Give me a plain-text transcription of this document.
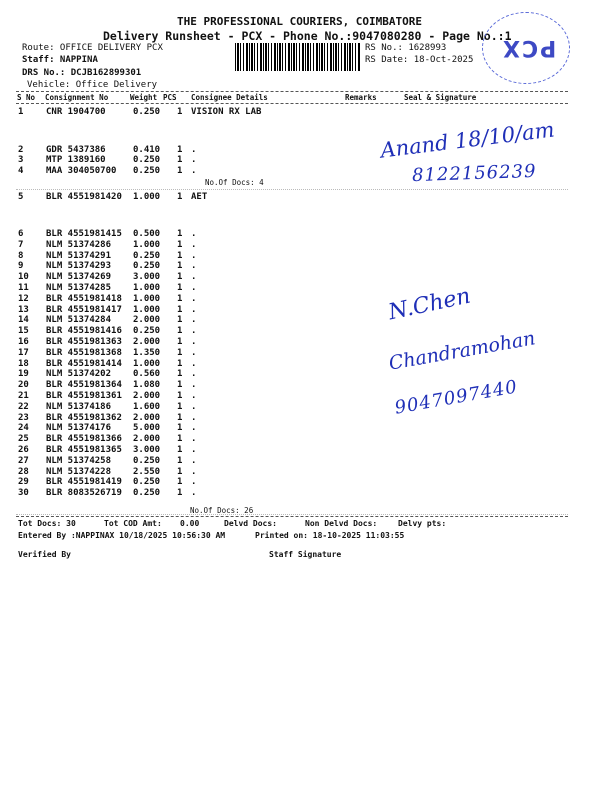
THE PROFESSIONAL COURIERS, COIMBATORE
Delivery Runsheet - PCX - Phone No.:9047080280 - Page No.:1
Route: OFFICE DELIVERY PCX
Staff: NAPPINA
DRS No.: DCJB162899301
Vehicle: Office Delivery
RS No.: 1628993
RS Date: 18-Oct-2025 PCX
S No Consignment No	Weight PCS Consignee Details	Remarks	Seal & Signature
1	CNR 1904700	0.250 1 VISION RX LAB
2	GDR 5437386	0.410 1 .
3	MTP 1389160	0.250 1 .
4	MAA 304050700 0.250 1 .
5	BLR 4551981420 1.000 1 AET
6	BLR 4551981415 0.500 1 .
7	NLM 51374286 1.000 1 .
8	NLM 51374291 0.250 1 .
9	NLM 51374293 0.250 1 .
10 NLM 51374269 3.000 1 .
11 NLM 51374285 1.000 1 .
12 BLR 4551981418 1.000 1 .
13 BLR 4551981417 1.000 1 .
14 NLM 51374284 2.000 1 .
15 BLR 4551981416 0.250 1 .
16 BLR 4551981363 2.000 1 .
17 BLR 4551981368 1.350 1 .
18 BLR 4551981414 1.000 1 .
19 NLM 51374202 0.560 1 .
20 BLR 4551981364 1.080 1 .
21 BLR 4551981361 2.000 1 .
22 NLM 51374186 1.600 1 .
23 BLR 4551981362 2.000 1 .
24 NLM 51374176 5.000 1 .
25 BLR 4551981366 2.000 1 .
26 BLR 4551981365 3.000 1 .
27 NLM 51374258 0.250 1 .
28 NLM 51374228 2.550 1 .
29 BLR 4551981419 0.250 1 .
30 BLR 8083526719 0.250 1 .
No.Of Docs: 4
No.Of Docs: 26
Anand 18/10/am
8122156239
N.Chen
Chandramohan
9047097440
Tot Docs: 30	Tot COD Amt: 0.00	Delvd Docs:	Non Delvd Docs:	Delvy pts:
Entered By :NAPPINAX 10/18/2025 10:56:30 AM	Printed on: 18-10-2025 11:03:55
Verified By	Staff Signature
